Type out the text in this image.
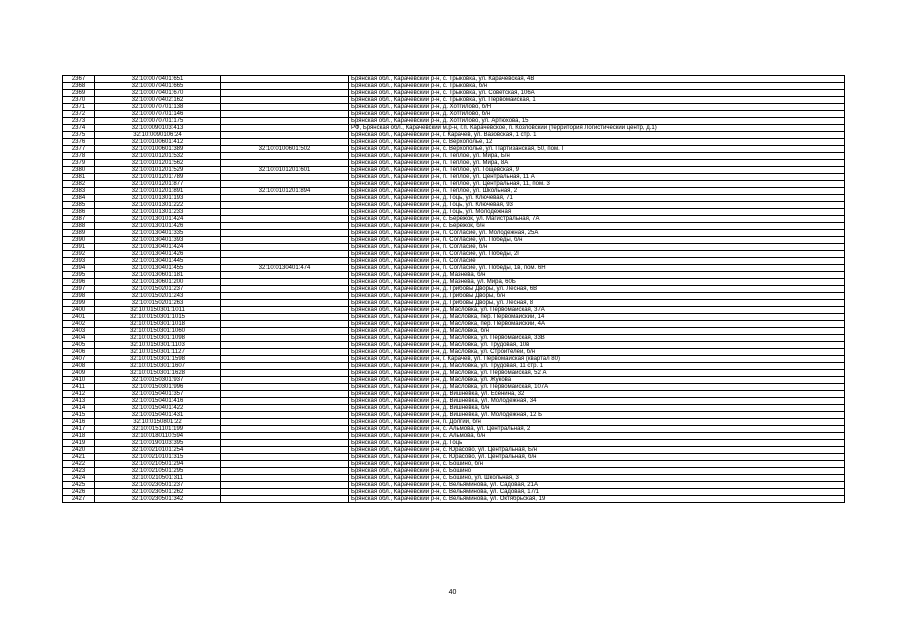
2367	32:10:0070401:651		Брянская обл., Карачевский р-н, с. Трыковка, ул. Карачевская, 4В
2368	32:10:0070401:665		Брянская обл., Карачевский р-н, с. Трыковка, б/н
2369	32:10:0070401:670		Брянская обл., Карачевский р-н, с. Трыковка, ул. Советская, 106А
2370	32:10:0070402:162		Брянская обл., Карачевский р-н, с. Трыковка, ул. Первомайская, 1
2371	32:10:0070701:138		Брянская обл., Карачевский р-н, д. Хотгилово, б/Н
2372	32:10:0070701:146		Брянская обл., Карачевский р-н, д. Хотгилово, б/н
2373	32:10:0070701:175		Брянская обл., Карачевский р-н, д. Хотгилово, ул. Артюхова, 15
2374	32:10:0090103:413		РФ, Брянская обл., Карачевский м.р-н, г.п. Карачевское, п. Козловский (территория Логистический центр, д.1)
2375	32:10:0090106:24		Брянская обл., Карачевский р-н, г. Карачев, ул. Вазовская, 1 стр. 1
2376	32:10:0100601:412		Брянская обл., Карачевский р-н, с. Верхополье, 12
2377	32:10:0100601:389	32:10:0100601:502	Брянская обл., Карачевский р-н, с. Верхополье, ул. Партизанская, 50, пом. I
2378	32:10:0101201:532		Брянская обл., Карачевский р-н, п. Теплое, ул. Мира, Б/н
2379	32:10:0101201:562		Брянская обл., Карачевский р-н, п. Теплое, ул. Мира, 8А
2380	32:10:0101201:529	32:10:0101201:601	Брянская обл., Карачевский р-н, п. Теплое, ул. Гощевская, 9
2381	32:10:0101201:789		Брянская обл., Карачевский р-н, п. Теплое, ул. Центральная, 11 А
2382	32:10:0101201:877		Брянская обл., Карачевский р-н, п. Теплое, ул. Центральная, 11, пом. 3
2383	32:10:0101201:891	32:10:0101201:894	Брянская обл., Карачевский р-н, п. Теплое, ул. Школьная, 2
2384	32:10:0101301:193		Брянская обл., Карачевский р-н, д. Гоць, ул. Ключевая, 71
2385	32:10:0101301:222		Брянская обл., Карачевский р-н, д. Гоць, ул. Ключевая, 93
2386	32:10:0101301:233		Брянская обл., Карачевский р-н, д. Гоць, ул. Молодежная
2387	32:10:0130101:424		Брянская обл., Карачевский р-н, с. Бережок, ул. Магистральная, 7А
2388	32:10:0130101:426		Брянская обл., Карачевский р-н, с. Бережок, б/н
2389	32:10:0130401:335		Брянская обл., Карачевский р-н, п. Согласие, ул. Молодежная, 25А
2390	32:10:0130401:393		Брянская обл., Карачевский р-н, п. Согласие, ул. Победы, б/н
2391	32:10:0130401:424		Брянская обл., Карачевский р-н, п. Согласие, б/н
2392	32:10:0130401:426		Брянская обл., Карачевский р-н, п. Согласие, ул. Победы, 2Г
2393	32:10:0130401:445		Брянская обл., Карачевский р-н, п. Согласие
2394	32:10:0130401:455	32:10:0130401:474	Брянская обл., Карачевский р-н, п. Согласие, ул. Победы, 1в, пом. 6Н
2395	32:10:0130601:181		Брянская обл., Карачевский р-н, д. Мазнева, б/н
2396	32:10:0130601:200		Брянская обл., Карачевский р-н, д. Мазнева, ул. Мира, 60Б
2397	32:10:0150201:237		Брянская обл., Карачевский р-н, д. Грибовы Дворы, ул. Лесная, 6В
2398	32:10:0150201:243		Брянская обл., Карачевский р-н, д. Грибовы Дворы, б/н
2399	32:10:0150201:263		Брянская обл., Карачевский р-н, д. Грибовы Дворы, ул. Лесная, 8
2400	32:10:0150301:1011		Брянская обл., Карачевский р-н, д. Масловка, ул. Первомайская, 37А
2401	32:10:0150301:1015		Брянская обл., Карачевский р-н, д. Масловка, пер. Первомайский, 14
2402	32:10:0150301:1018		Брянская обл., Карачевский р-н, д. Масловка, пер. Первомайский, 4А
2403	32:10:0150301:1060		Брянская обл., Карачевский р-н, д. Масловка, б/н
2404	32:10:0150301:1098		Брянская обл., Карачевский р-н, д. Масловка, ул. Первомайская, 33В
2405	32:10:0150301:1103		Брянская обл., Карачевский р-н, д. Масловка, ул. Трудовая, 10в
2406	32:10:0150301:1127		Брянская обл., Карачевский р-н, д. Масловка, ул. Строителей, б/н
2407	32:10:0150301:1598		Брянская обл., Карачевский р-н, г. Карачев, ул. Первомайская (квартал 80)
2408	32:10:0150301:1607		Брянская обл., Карачевский р-н, д. Масловка, ул. Трудовая, 11 стр. 1
2409	32:10:0150301:1628		Брянская обл., Карачевский р-н, д. Масловка, ул. Первомайская, 52 А
2410	32:10:0150301:937		Брянская обл., Карачевский р-н, д. Масловка, ул. Жукова
2411	32:10:0150301:996		Брянская обл., Карачевский р-н, д. Масловка, ул. Первомайская, 107А
2412	32:10:0150401:357		Брянская обл., Карачевский р-н, д. Вишневка, ул. Есенина, 32
2413	32:10:0150401:416		Брянская обл., Карачевский р-н, д. Вишневка, ул. Молодежная, 34
2414	32:10:0150401:422		Брянская обл., Карачевский р-н, д. Вишневка, б/н
2415	32:10:0150401:431		Брянская обл., Карачевский р-н, д. Вишневка, ул. Молодежная, 12 Б
2416	32:10:0150801:22		Брянская обл., Карачевский р-н, п. Долгий, б/н
2417	32:10:0151101:199		Брянская обл., Карачевский р-н, с. Альмова, ул. Центральная, 2
2418	32:10:0180110:594		Брянская обл., Карачевский р-н, с. Альмова, б/н
2419	32:10:0190103:395		Брянская обл., Карачевский р-н, д. Гоць
2420	32:10:0210101:254		Брянская обл., Карачевский р-н, с. Юрасово, ул. Центральная, Б/н
2421	32:10:0210101:315		Брянская обл., Карачевский р-н, с. Юрасово, ул. Центральная, б/н
2422	32:10:0210501:294		Брянская обл., Карачевский р-н, с. Бошино, б/н
2423	32:10:0210501:295		Брянская обл., Карачевский р-н, с. Бошино
2424	32:10:0210501:311		Брянская обл., Карачевский р-н, с. Бошино, ул. Школьная, 3
2425	32:10:0230501:237		Брянская обл., Карачевский р-н, с. Вельяминова, ул. Садовая, 21А
2426	32:10:0230501:262		Брянская обл., Карачевский р-н, с. Вельяминова, ул. Садовая, 17/1
2427	32:10:0230501:342		Брянская обл., Карачевский р-н, с. Вельяминова, ул. Октябрьская, 19
40
